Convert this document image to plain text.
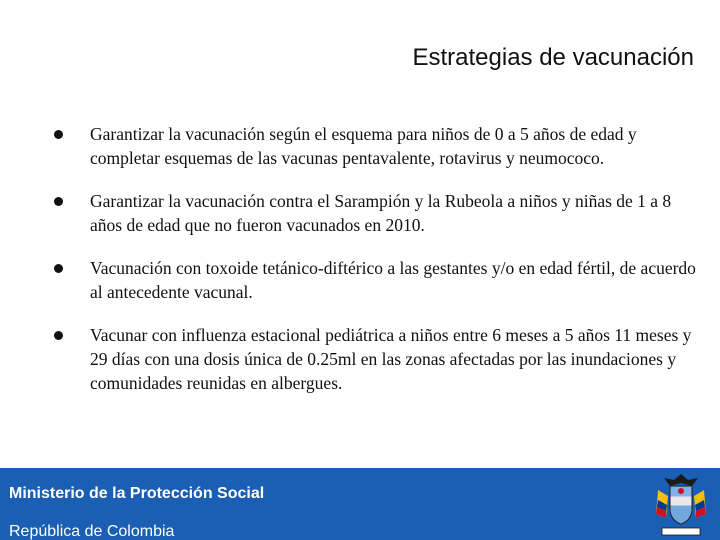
Estrategias de vacunación
Garantizar la vacunación según el esquema para niños de 0 a 5 años de edad y completar esquemas de las vacunas pentavalente, rotavirus y neumococo.
Garantizar la vacunación contra el Sarampión y la Rubeola a niños y niñas de 1 a 8 años de edad que no fueron vacunados en 2010.
Vacunación con toxoide tetánico-diftérico a las gestantes y/o en edad fértil, de acuerdo al antecedente vacunal.
Vacunar con influenza estacional pediátrica a niños entre 6 meses a 5 años 11 meses y 29 días con una dosis única de 0.25ml en las zonas afectadas por las inundaciones y comunidades reunidas en albergues.
Ministerio de la Protección Social
República de Colombia
